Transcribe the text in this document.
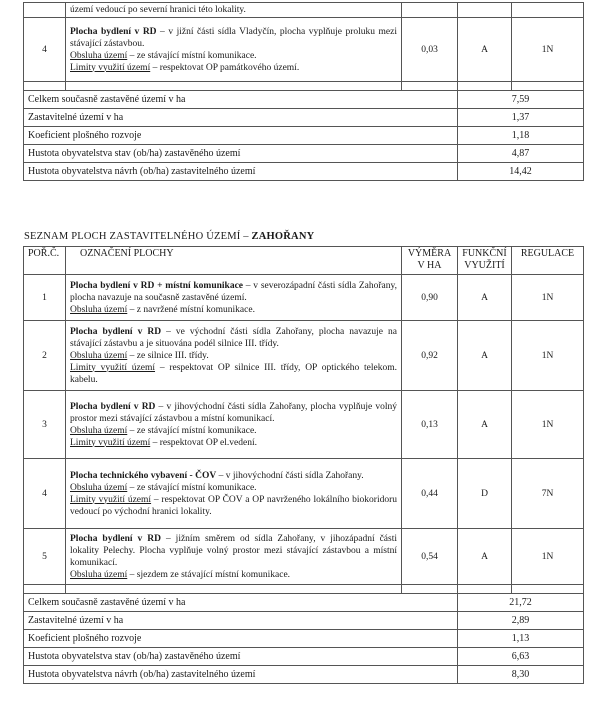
	území vedoucí po severní hranici této lokality.			
4	Plocha bydlení v RD – v jižní části sídla Vladyčín, plocha vyplňuje proluku mezi stávající zástavbou.
Obsluha území – ze stávající místní komunikace.
Limity využití území – respektovat OP památkového území.	0,03	A	1N

Celkem současně zastavěné území v ha			7,59	
Zastavitelné území v ha			1,37	
Koeficient plošného rozvoje			1,18	
Hustota obyvatelstva stav (ob/ha) zastavěného území			4,87	
Hustota obyvatelstva návrh (ob/ha) zastavitelného území			14,42	
SEZNAM PLOCH ZASTAVITELNÉHO ÚZEMÍ – ZAHOŘANY
POŘ.Č.	OZNAČENÍ PLOCHY	VÝMĚRA V HA	FUNKČNÍ VYUŽITÍ	REGULACE
1	Plocha bydlení v RD + místní komunikace – v severozápadní části sídla Zahořany, plocha navazuje na současně zastavěné území.
Obsluha území – z navržené místní komunikace.	0,90	A	1N
2	Plocha bydlení v RD – ve východní části sídla Zahořany, plocha navazuje na stávající zástavbu a je situována podél silnice III. třídy.
Obsluha území – ze silnice III. třídy.
Limity využití území – respektovat OP silnice III. třídy, OP optického telekom. kabelu.	0,92	A	1N
3	Plocha bydlení v RD – v jihovýchodní části sídla Zahořany, plocha vyplňuje volný prostor mezi stávající zástavbou a místní komunikací.
Obsluha území – ze stávající místní komunikace.
Limity využití území – respektovat OP el.vedení.	0,13	A	1N
4	Plocha technického vybavení - ČOV – v jihovýchodní části sídla Zahořany.
Obsluha území – ze stávající místní komunikace.
Limity využití území – respektovat OP ČOV a OP navrženého lokálního biokoridoru vedoucí po východní hranici lokality.	0,44	D	7N
5	Plocha bydlení v RD – jižním směrem od sídla Zahořany, v jihozápadní části lokality Pelechy. Plocha vyplňuje volný prostor mezi stávající zástavbou a místní komunikací.
Obsluha území – sjezdem ze stávající místní komunikace.	0,54	A	1N

Celkem současně zastavěné území v ha			21,72	
Zastavitelné území v ha			2,89	
Koeficient plošného rozvoje			1,13	
Hustota obyvatelstva stav (ob/ha) zastavěného území			6,63	
Hustota obyvatelstva návrh (ob/ha) zastavitelného území			8,30	
